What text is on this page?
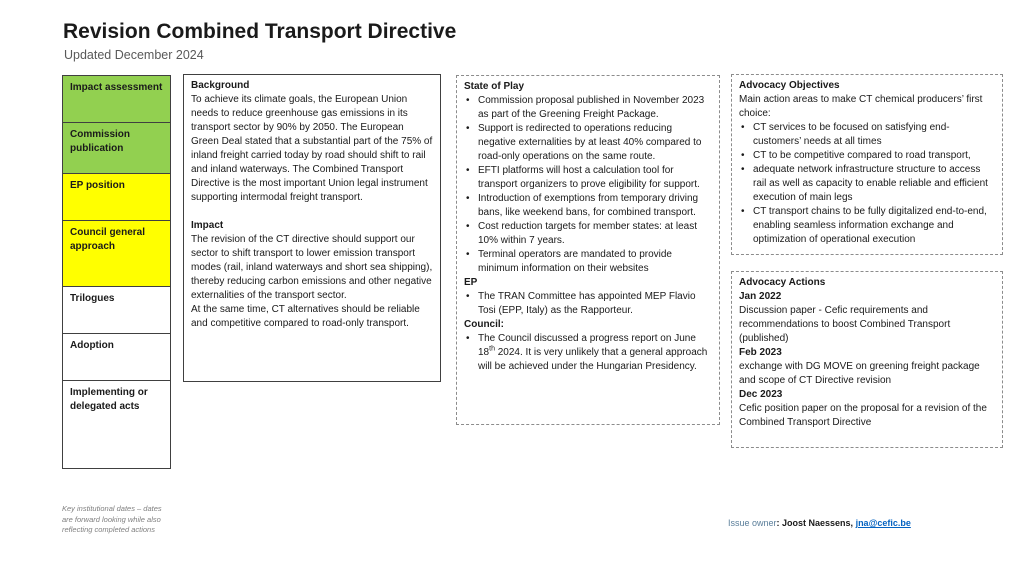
Revision Combined Transport Directive
Updated December 2024
Impact assessment
Commission publication
EP position
Council general approach
Trilogues
Adoption
Implementing or delegated acts

Background

To achieve its climate goals, the European Union needs to reduce greenhouse gas emissions in its transport sector by 90% by 2050. The European Green Deal stated that a substantial part of the 75% of inland freight carried today by road should shift to rail and inland waterways. The Combined Transport Directive is the most important Union legal instrument supporting intermodal freight transport.

Impact

The revision of the CT directive should support our sector to shift transport to lower emission transport modes (rail, inland waterways and short sea shipping), thereby reducing carbon emissions and other negative externalities of the transport sector.

At the same time, CT alternatives should be reliable and competitive compared to road-only transport.

State of Play

• Commission proposal published in November 2023 as part of the Greening Freight Package.
• Support is redirected to operations reducing negative externalities by at least 40% compared to road-only operations on the same route.
• EFTI platforms will host a calculation tool for transport organizers to prove eligibility for support.
• Introduction of exemptions from temporary driving bans, like weekend bans, for combined transport.
• Cost reduction targets for member states: at least 10% within 7 years.
• Terminal operators are mandated to provide minimum information on their websites

EP

• The TRAN Committee has appointed MEP Flavio Tosi (EPP, Italy) as the Rapporteur.

Council:

• The Council discussed a progress report on June 18th 2024. It is very unlikely that a general approach will be achieved under the Hungarian Presidency.

Advocacy Objectives

Main action areas to make CT chemical producers’ first choice:

• CT services to be focused on satisfying end-customers’ needs at all times
• CT to be competitive compared to road transport,
• adequate network infrastructure structure to access rail as well as capacity to enable reliable and efficient execution of main legs
• CT transport chains to be fully digitalized end-to-end, enabling seamless information exchange and optimization of operational execution

Advocacy Actions

Jan 2022

Discussion paper - Cefic requirements and recommendations to boost Combined Transport (published)

Feb 2023

exchange with DG MOVE on greening freight package and scope of CT Directive revision

Dec 2023

Cefic position paper on the proposal for a revision of the Combined Transport Directive

Key institutional dates – dates are forward looking while also reflecting completed actions
Issue owner: Joost Naessens, jna@cefic.be
